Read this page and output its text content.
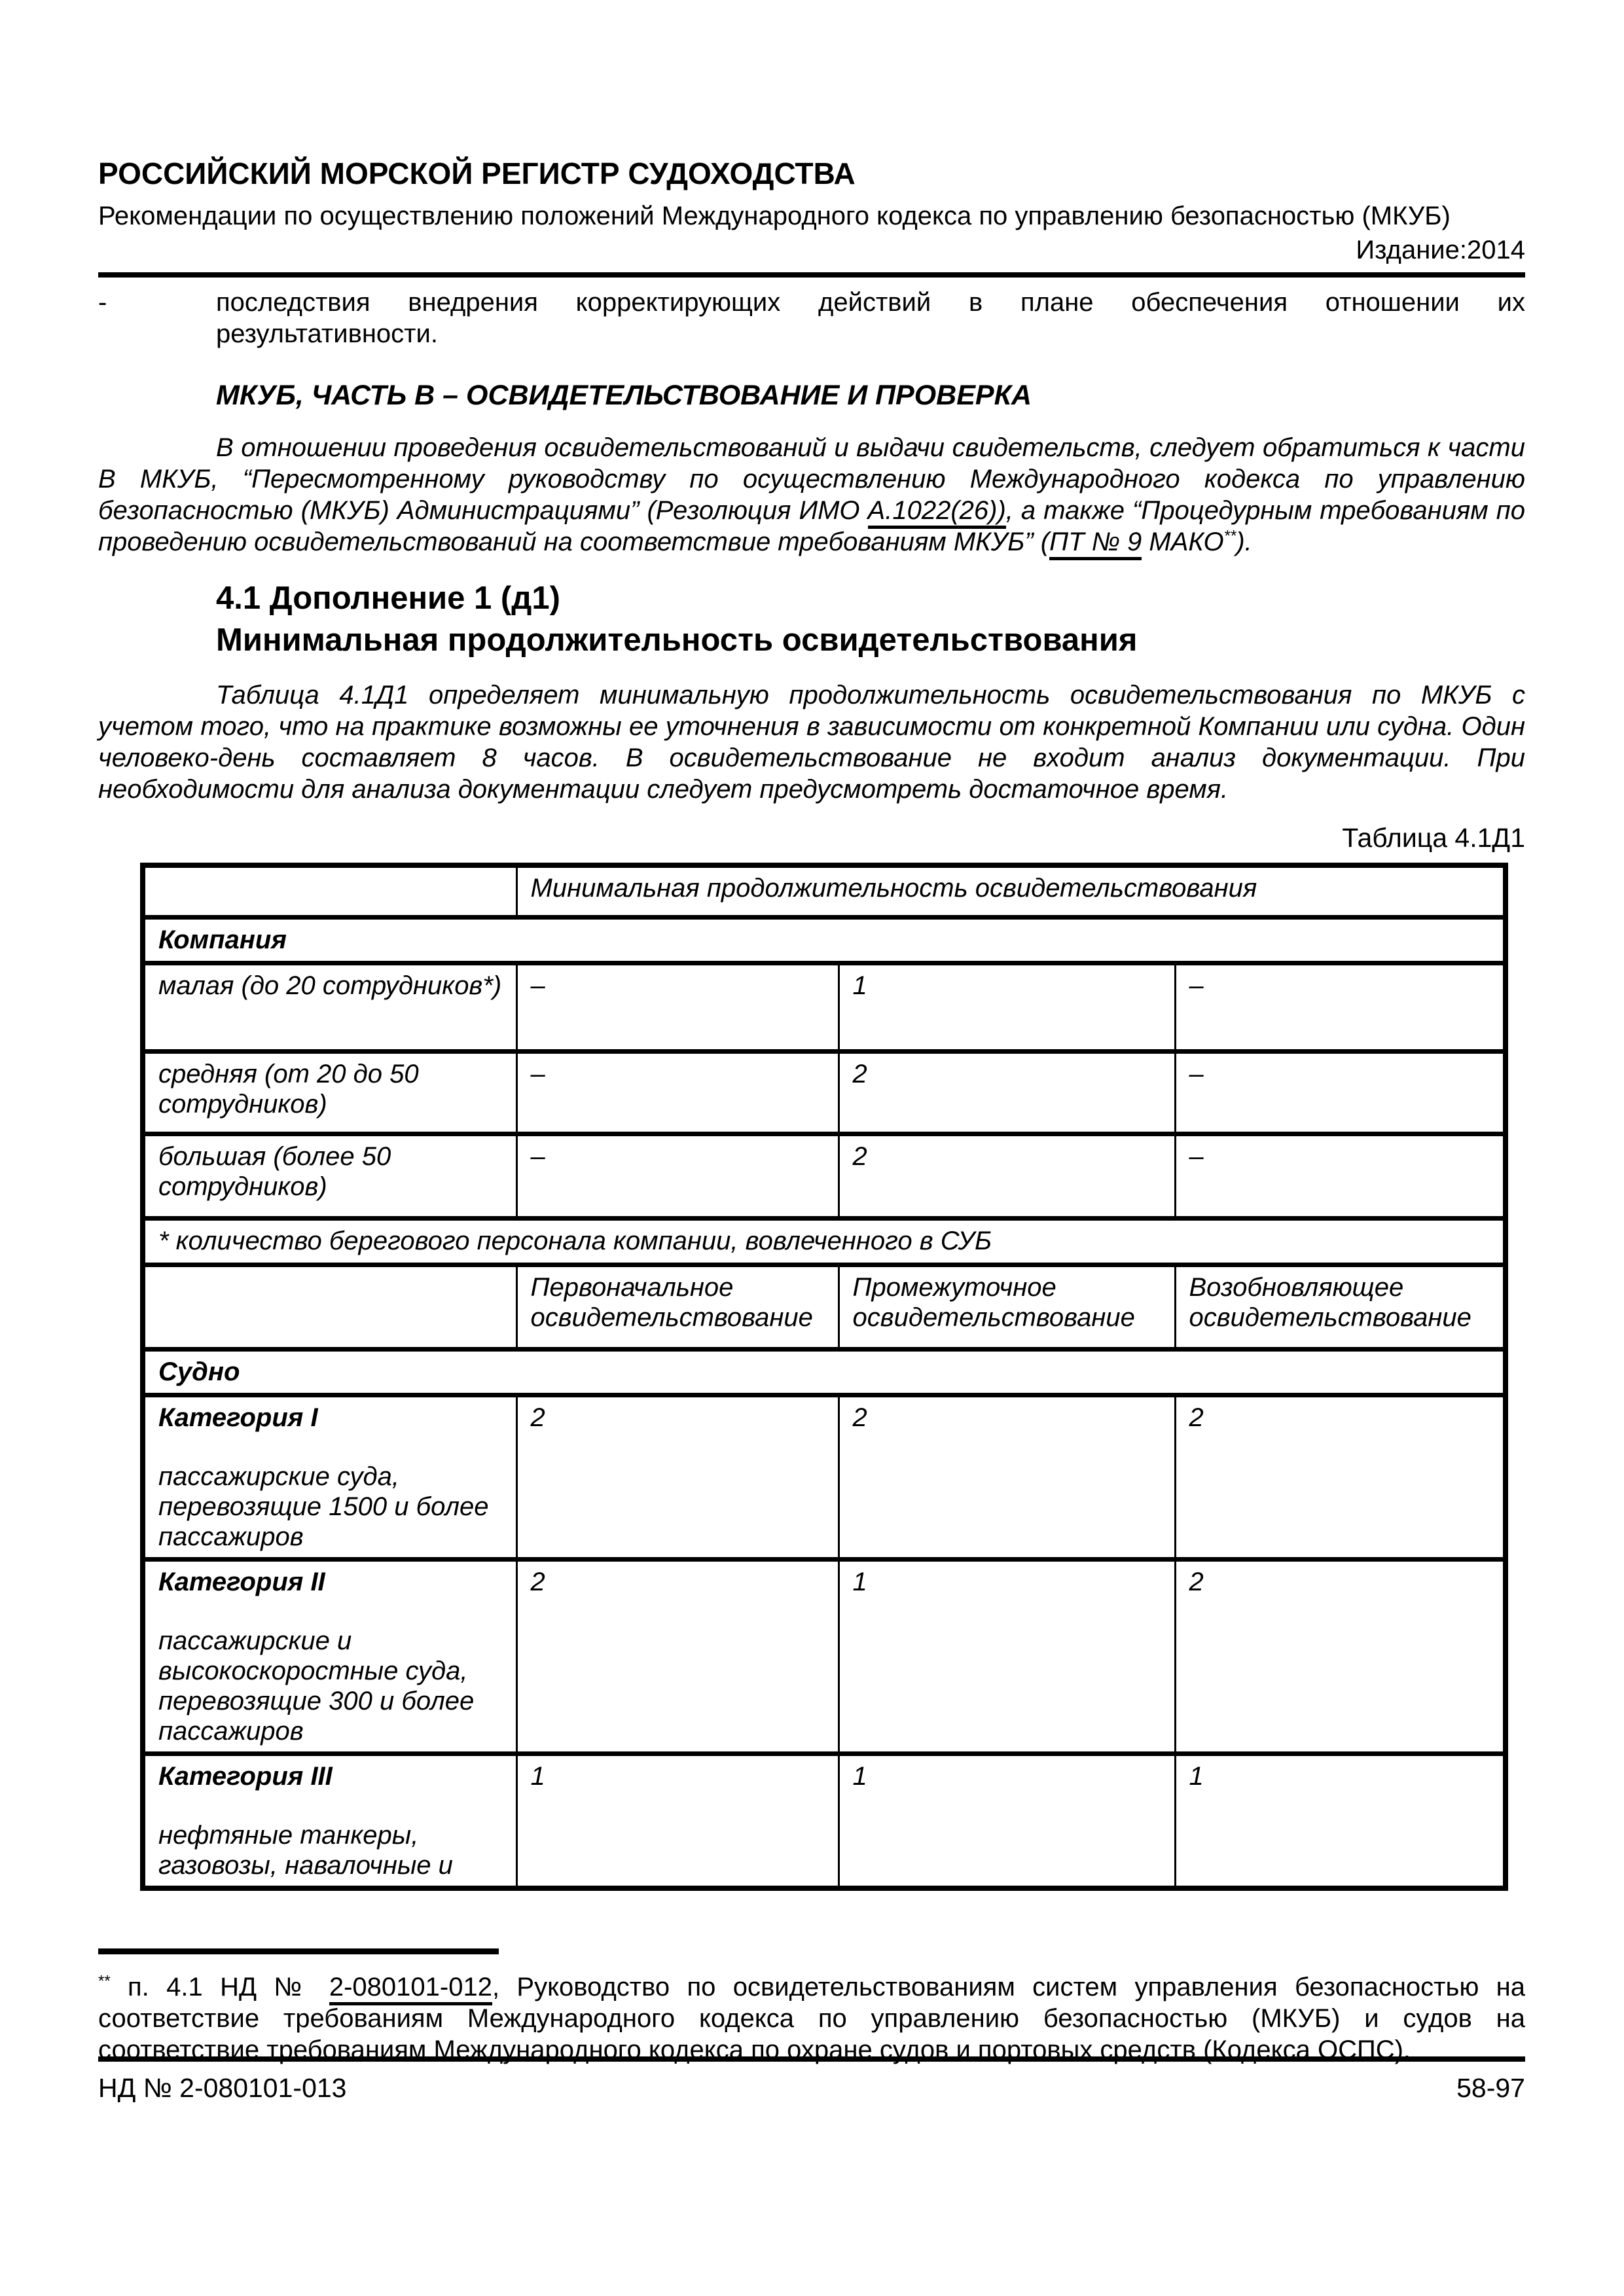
РОССИЙСКИЙ МОРСКОЙ РЕГИСТР СУДОХОДСТВА
Рекомендации по осуществлению положений Международного кодекса по управлению безопасностью (МКУБ)
Издание:2014
-	последствия внедрения корректирующих действий в плане обеспечения отношении их
результативности.
МКУБ, ЧАСТЬ В – ОСВИДЕТЕЛЬСТВОВАНИЕ И ПРОВЕРКА

В отношении проведения освидетельствований и выдачи свидетельств, следует обратиться к части В МКУБ, “Пересмотренному руководству по осуществлению Международного кодекса по управлению безопасностью (МКУБ) Администрациями” (Резолюция ИМО А.1022(26)), а также “Процедурным требованиям по проведению освидетельствований на соответствие требованиям МКУБ” (ПТ № 9 МАКО**).

4.1 Дополнение 1 (д1)
Минимальная продолжительность освидетельствования

Таблица 4.1Д1 определяет минимальную продолжительность освидетельствования по МКУБ с учетом того, что на практике возможны ее уточнения в зависимости от конкретной Компании или судна. Один человеко-день составляет 8 часов. В освидетельствование не входит анализ документации. При необходимости для анализа документации следует предусмотреть достаточное время.

Таблица 4.1Д1
	Минимальная продолжительность освидетельствования		
Компания			
малая (до 20 сотрудников*)	–	1	–
средняя (от 20 до 50 сотрудников)	–	2	–
большая (более 50 сотрудников)	–	2	–
* количество берегового персонала компании, вовлеченного в СУБ			
	Первоначальное освидетельствование	Промежуточное освидетельствование	Возобновляющее освидетельствование
Судно			

Категория I
пассажирские суда, перевозящие 1500 и более пассажиров	2	2	2

Категория II
пассажирские и высокоскоростные суда, перевозящие 300 и более пассажиров	2	1	2

Категория III
нефтяные танкеры, газовозы, навалочные и	1	1	1

** п. 4.1 НД № 2-080101-012, Руководство по освидетельствованиям систем управления безопасностью на соответствие требованиям Международного кодекса по управлению безопасностью (МКУБ) и судов на соответствие требованиям Международного кодекса по охране судов и портовых средств (Кодекса ОСПС).

НД № 2-080101-013	58-97
